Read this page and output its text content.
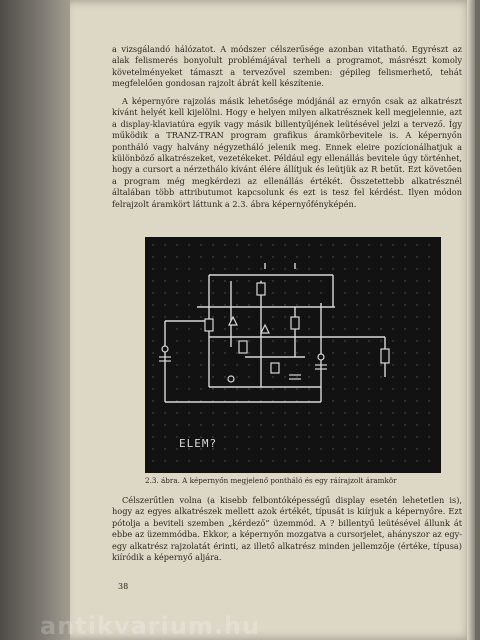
a vizsgálandó hálózatot. A módszer célszerűsége azonban vitatható. Egyrészt az alak felismerés bonyolult problémájával terheli a programot, másrészt komoly követelményeket támaszt a tervezővel szemben: gépileg felismerhető, tehát megfelelően gondosan rajzolt ábrát kell készítenie.

A képernyőre rajzolás másik lehetősége módjánál az ernyőn csak az alkatrészt kívánt helyét kell kijelölni. Hogy e helyen milyen alkatrésznek kell megjelennie, azt a display-klaviatúra egyik vagy másik billentyűjének leütésével jelzi a tervező. Így működik a TRANZ-TRAN program grafikus áramkörbevitele is. A képernyőn pontháló vagy halvány négyzetháló jelenik meg. Ennek eleire pozícionálhatjuk a különböző alkatrészeket, vezetékeket. Például egy ellenállás bevitele úgy történhet, hogy a cursort a nérzethálo kívánt élére állítjuk és leütjük az R betűt. Ezt követően a program még megkérdezi az ellenállás értékét. Összetettebb alkatrésznél általában több attributumot kapcsolunk és ezt is tesz fel kérdést. Ilyen módon felrajzolt áramkört láttunk a 2.3. ábra képernyőfényképén.

ELEM?
2.3. ábra. A képernyőn megjelenő pontháló és egy ráírajzolt áramkör

Célszerűtlen volna (a kisebb felbontóképességű display esetén lehetetlen is), hogy az egyes alkatrészek mellett azok értékét, típusát is kiírjuk a képernyőre. Ezt pótolja a beviteli szemben „kérdező” üzemmód. A ? billentyű leütésével állunk át ebbe az üzemmódba. Ekkor, a képernyőn mozgatva a cursorjelet, ahányszor az egy-egy alkatrész rajzolatát érinti, az illető alkatrész minden jellemzője (értéke, típusa) kiíródik a képernyő aljára.

38
antikvarium.hu
